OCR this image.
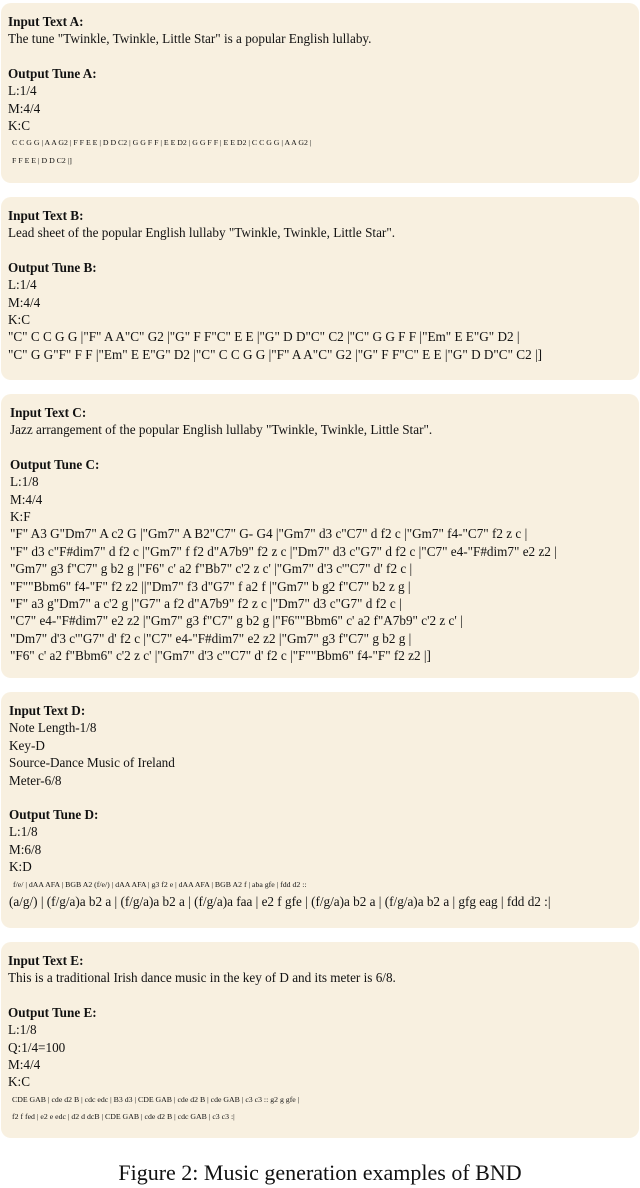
Input Text A:
The tune "Twinkle, Twinkle, Little Star" is a popular English lullaby.
Output Tune A:
L:1/4
M:4/4
K:C
C C G G | A A G2 | F F E E | D D C2 | G G F F | E E D2 | G G F F | E E D2 | C C G G | A A G2 |
F F E E | D D C2 |]
Input Text B:
Lead sheet of the popular English lullaby "Twinkle, Twinkle, Little Star".
Output Tune B:
L:1/4
M:4/4
K:C
"C" C C G G |"F" A A"C" G2 |"G" F F"C" E E |"G" D D"C" C2 |"C" G G F F |"Em" E E"G" D2 |
"C" G G"F" F F |"Em" E E"G" D2 |"C" C C G G |"F" A A"C" G2 |"G" F F"C" E E |"G" D D"C" C2 |]
Input Text C:
Jazz arrangement of the popular English lullaby "Twinkle, Twinkle, Little Star".
Output Tune C:
L:1/8
M:4/4
K:F
"F" A3 G"Dm7" A c2 G |"Gm7" A B2"C7" G- G4 |"Gm7" d3 c"C7" d f2 c |"Gm7" f4-"C7" f2 z c |
"F" d3 c"F#dim7" d f2 c |"Gm7" f f2 d"A7b9" f2 z c |"Dm7" d3 c"G7" d f2 c |"C7" e4-"F#dim7" e2 z2 |
"Gm7" g3 f"C7" g b2 g |"F6" c' a2 f"Bb7" c'2 z c' |"Gm7" d'3 c'"C7" d' f2 c |
"F""Bbm6" f4-"F" f2 z2 ||"Dm7" f3 d"G7" f a2 f |"Gm7" b g2 f"C7" b2 z g |
"F" a3 g"Dm7" a c'2 g |"G7" a f2 d"A7b9" f2 z c |"Dm7" d3 c"G7" d f2 c |
"C7" e4-"F#dim7" e2 z2 |"Gm7" g3 f"C7" g b2 g |"F6""Bbm6" c' a2 f"A7b9" c'2 z c' |
"Dm7" d'3 c'"G7" d' f2 c |"C7" e4-"F#dim7" e2 z2 |"Gm7" g3 f"C7" g b2 g |
"F6" c' a2 f"Bbm6" c'2 z c' |"Gm7" d'3 c'"C7" d' f2 c |"F""Bbm6" f4-"F" f2 z2 |]
Input Text D:
Note Length-1/8
Key-D
Source-Dance Music of Ireland
Meter-6/8
Output Tune D:
L:1/8
M:6/8
K:D
f/e/ | dAA AFA | BGB A2 (f/e/) | dAA AFA | g3 f2 e | dAA AFA | BGB A2 f | aba gfe | fdd d2 ::
(a/g/) | (f/g/a)a b2 a | (f/g/a)a b2 a | (f/g/a)a faa | e2 f gfe | (f/g/a)a b2 a | (f/g/a)a b2 a | gfg eag | fdd d2 :|
Input Text E:
This is a traditional Irish dance music in the key of D and its meter is 6/8.
Output Tune E:
L:1/8
Q:1/4=100
M:4/4
K:C
CDE GAB | cde d2 B | cdc edc | B3 d3 | CDE GAB | cde d2 B | cde GAB | c3 c3 :: g2 g gfe |
f2 f fed | e2 e edc | d2 d dcB | CDE GAB | cde d2 B | cdc GAB | c3 c3 :|
Figure 2: Music generation examples of BND
